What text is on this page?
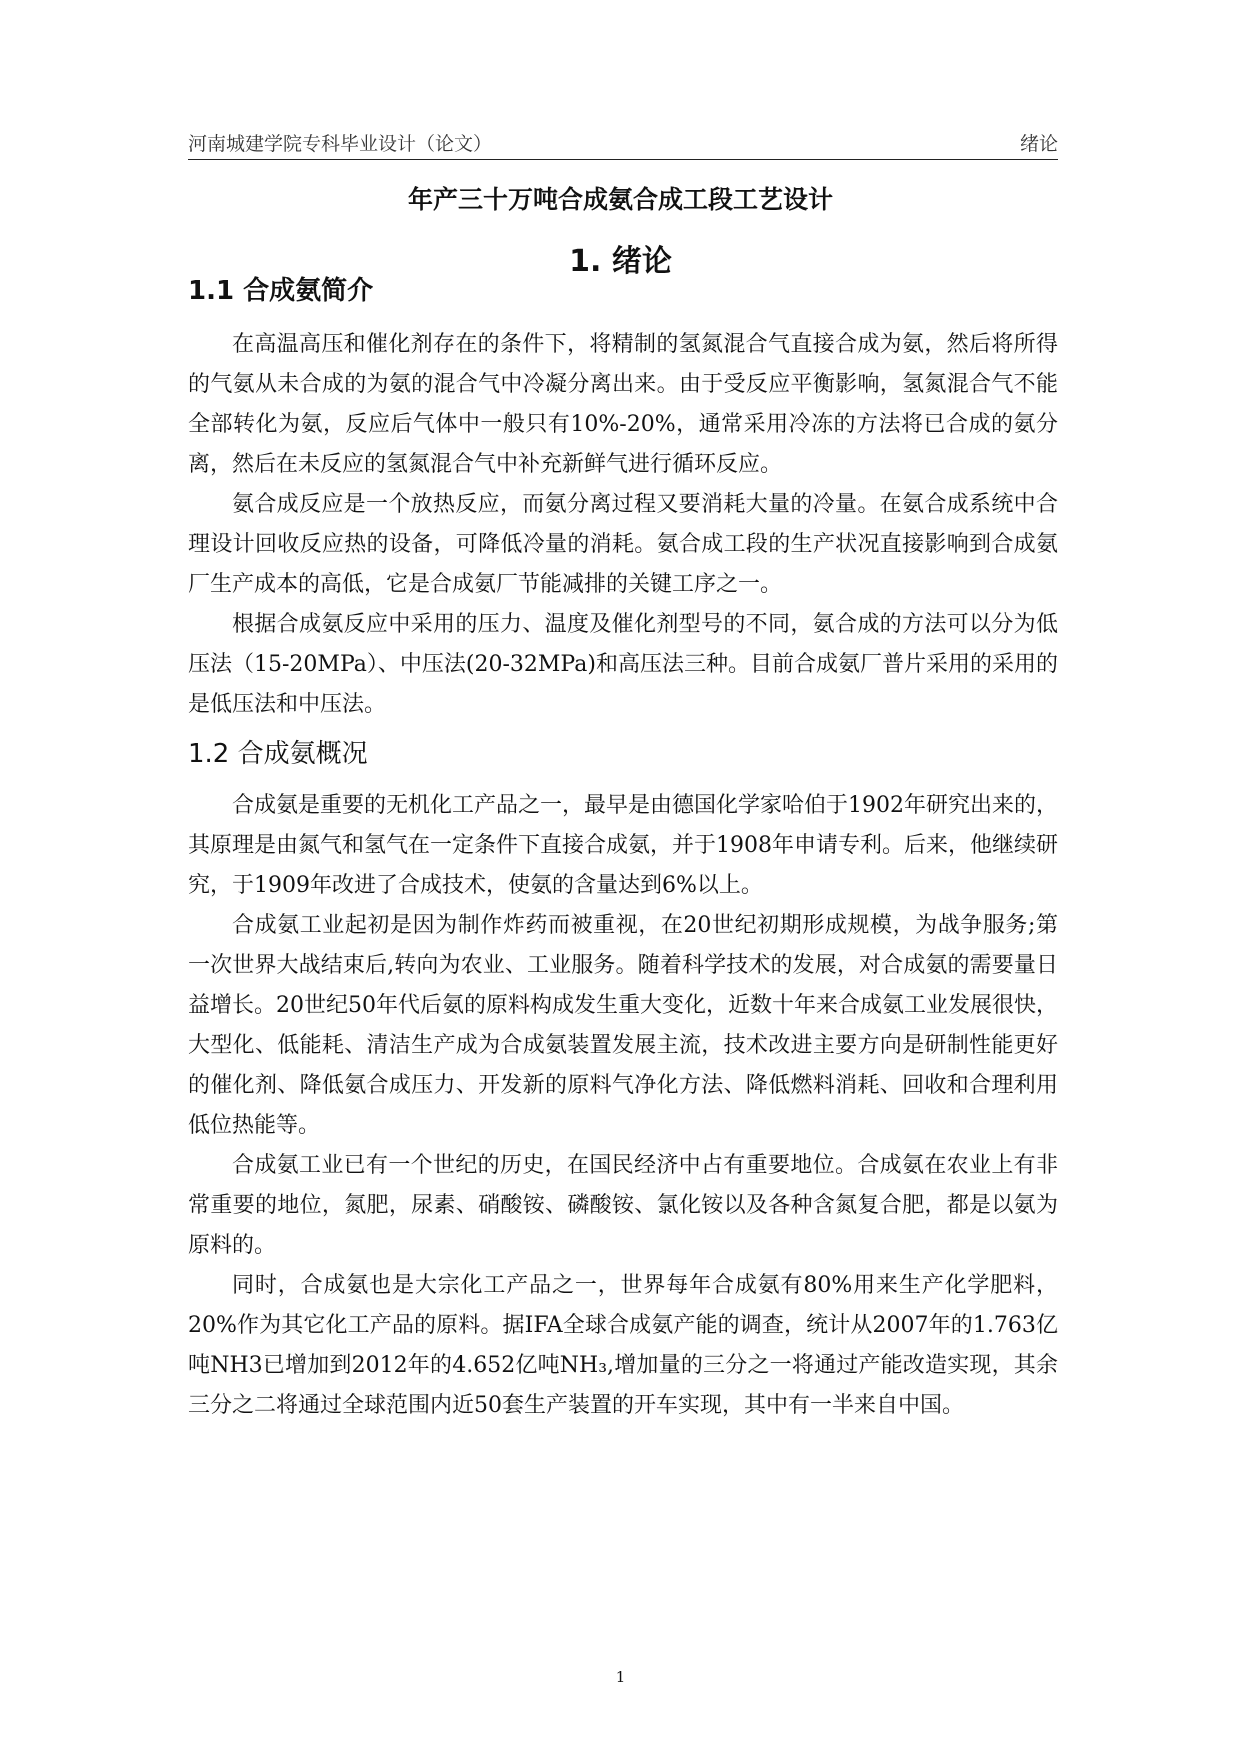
河南城建学院专科毕业设计（论文）	绪论
年产三十万吨合成氨合成工段工艺设计
1. 绪论
1.1 合成氨简介

在高温高压和催化剂存在的条件下，将精制的氢氮混合气直接合成为氨，然后将所得的气氨从未合成的为氨的混合气中冷凝分离出来。由于受反应平衡影响，氢氮混合气不能全部转化为氨，反应后气体中一般只有10%-20%，通常采用冷冻的方法将已合成的氨分离，然后在未反应的氢氮混合气中补充新鲜气进行循环反应。

氨合成反应是一个放热反应，而氨分离过程又要消耗大量的冷量。在氨合成系统中合理设计回收反应热的设备，可降低冷量的消耗。氨合成工段的生产状况直接影响到合成氨厂生产成本的高低，它是合成氨厂节能减排的关键工序之一。

根据合成氨反应中采用的压力、温度及催化剂型号的不同，氨合成的方法可以分为低压法（15-20MPa）、中压法(20-32MPa)和高压法三种。目前合成氨厂普片采用的采用的是低压法和中压法。

1.2 合成氨概况

合成氨是重要的无机化工产品之一，最早是由德国化学家哈伯于1902年研究出来的，其原理是由氮气和氢气在一定条件下直接合成氨，并于1908年申请专利。后来，他继续研究，于1909年改进了合成技术，使氨的含量达到6%以上。

合成氨工业起初是因为制作炸药而被重视，在20世纪初期形成规模，为战争服务;第一次世界大战结束后,转向为农业、工业服务。随着科学技术的发展，对合成氨的需要量日益增长。20世纪50年代后氨的原料构成发生重大变化，近数十年来合成氨工业发展很快，大型化、低能耗、清洁生产成为合成氨装置发展主流，技术改进主要方向是研制性能更好的催化剂、降低氨合成压力、开发新的原料气净化方法、降低燃料消耗、回收和合理利用低位热能等。

合成氨工业已有一个世纪的历史，在国民经济中占有重要地位。合成氨在农业上有非常重要的地位，氮肥，尿素、硝酸铵、磷酸铵、氯化铵以及各种含氮复合肥，都是以氨为原料的。

同时，合成氨也是大宗化工产品之一，世界每年合成氨有80%用来生产化学肥料，20%作为其它化工产品的原料。据IFA全球合成氨产能的调查，统计从2007年的1.763亿吨NH3已增加到2012年的4.652亿吨NH₃,增加量的三分之一将通过产能改造实现，其余三分之二将通过全球范围内近50套生产装置的开车实现，其中有一半来自中国。

1
